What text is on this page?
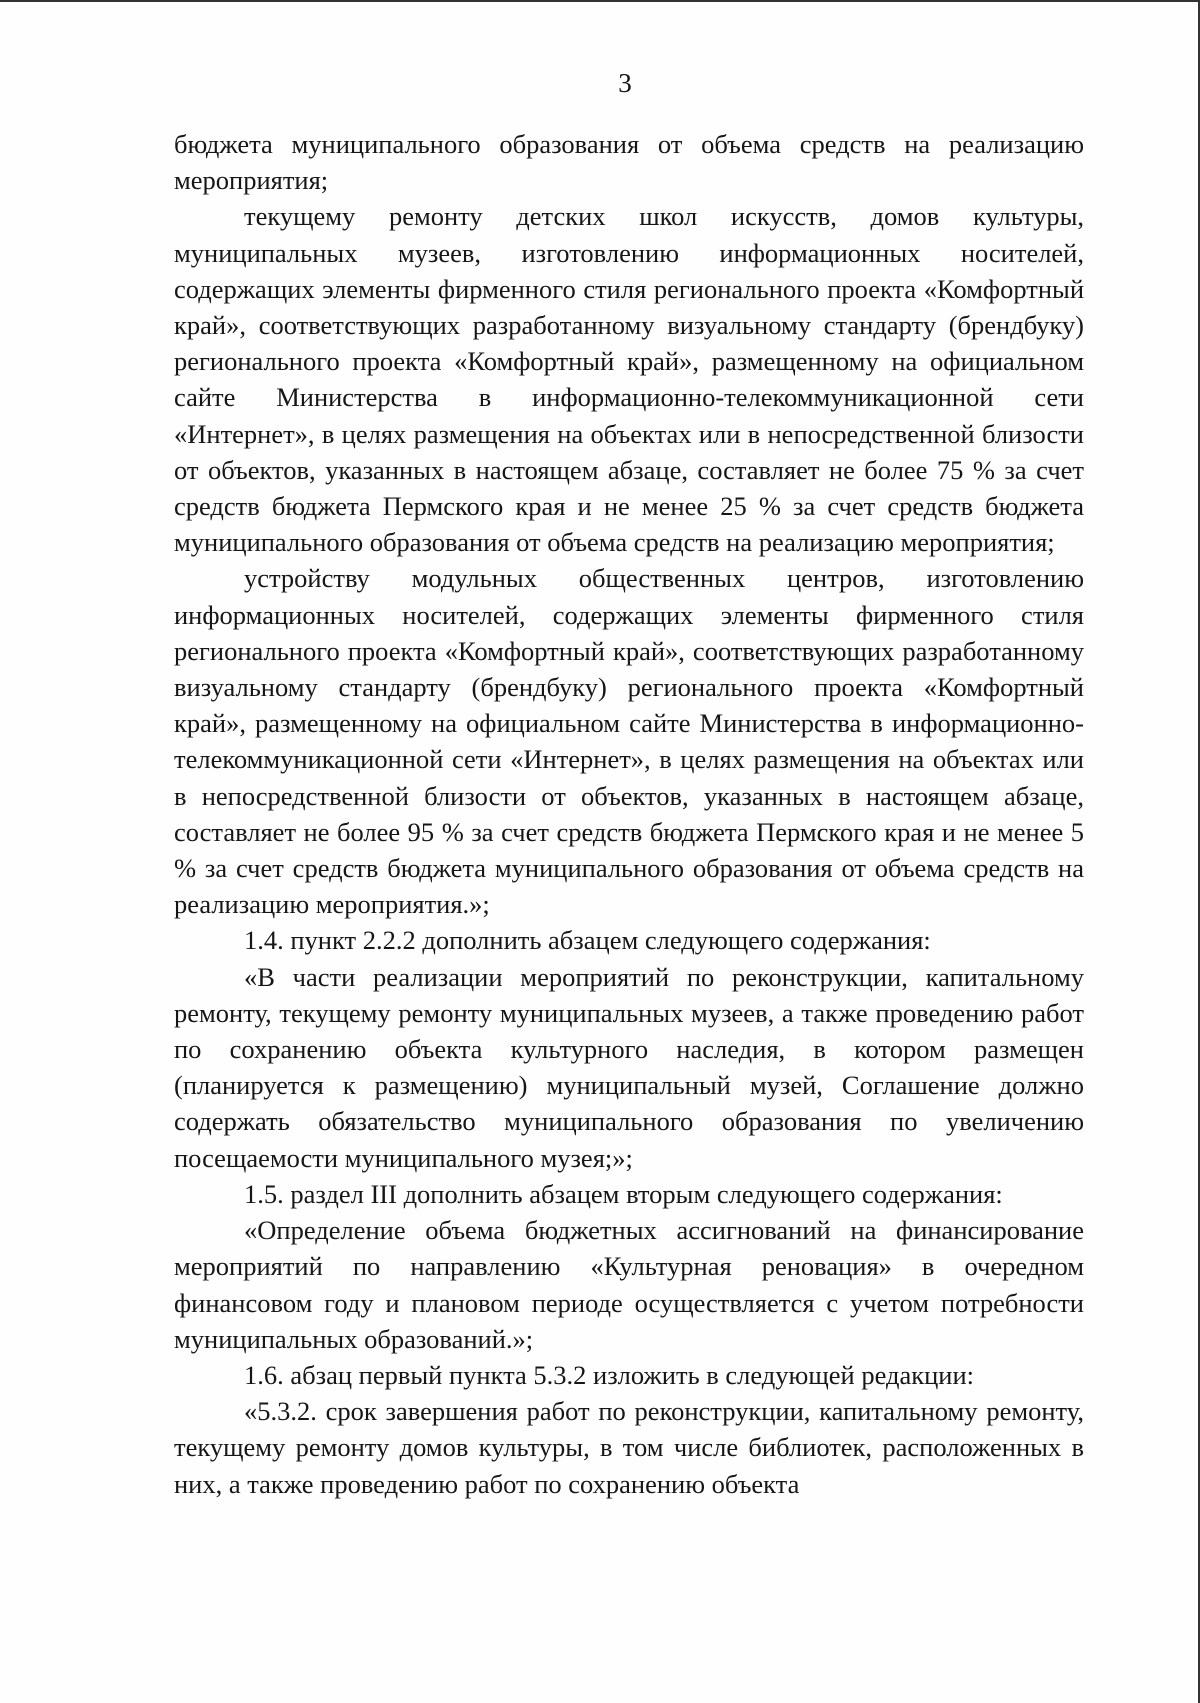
3

бюджета муниципального образования от объема средств на реализацию мероприятия;

текущему ремонту детских школ искусств, домов культуры, муниципальных музеев, изготовлению информационных носителей, содержащих элементы фирменного стиля регионального проекта «Комфортный край», соответствующих разработанному визуальному стандарту (брендбуку) регионального проекта «Комфортный край», размещенному на официальном сайте Министерства в информационно-телекоммуникационной сети «Интернет», в целях размещения на объектах или в непосредственной близости от объектов, указанных в настоящем абзаце, составляет не более 75 % за счет средств бюджета Пермского края и не менее 25 % за счет средств бюджета муниципального образования от объема средств на реализацию мероприятия;

устройству модульных общественных центров, изготовлению информационных носителей, содержащих элементы фирменного стиля регионального проекта «Комфортный край», соответствующих разработанному визуальному стандарту (брендбуку) регионального проекта «Комфортный край», размещенному на официальном сайте Министерства в информационно-телекоммуникационной сети «Интернет», в целях размещения на объектах или в непосредственной близости от объектов, указанных в настоящем абзаце, составляет не более 95 % за счет средств бюджета Пермского края и не менее 5 % за счет средств бюджета муниципального образования от объема средств на реализацию мероприятия.»;

1.4. пункт 2.2.2 дополнить абзацем следующего содержания:

«В части реализации мероприятий по реконструкции, капитальному ремонту, текущему ремонту муниципальных музеев, а также проведению работ по сохранению объекта культурного наследия, в котором размещен (планируется к размещению) муниципальный музей, Соглашение должно содержать обязательство муниципального образования по увеличению посещаемости муниципального музея;»;

1.5. раздел III дополнить абзацем вторым следующего содержания:

«Определение объема бюджетных ассигнований на финансирование мероприятий по направлению «Культурная реновация» в очередном финансовом году и плановом периоде осуществляется с учетом потребности муниципальных образований.»;

1.6. абзац первый пункта 5.3.2 изложить в следующей редакции:

«5.3.2. срок завершения работ по реконструкции, капитальному ремонту, текущему ремонту домов культуры, в том числе библиотек, расположенных в них, а также проведению работ по сохранению объекта
